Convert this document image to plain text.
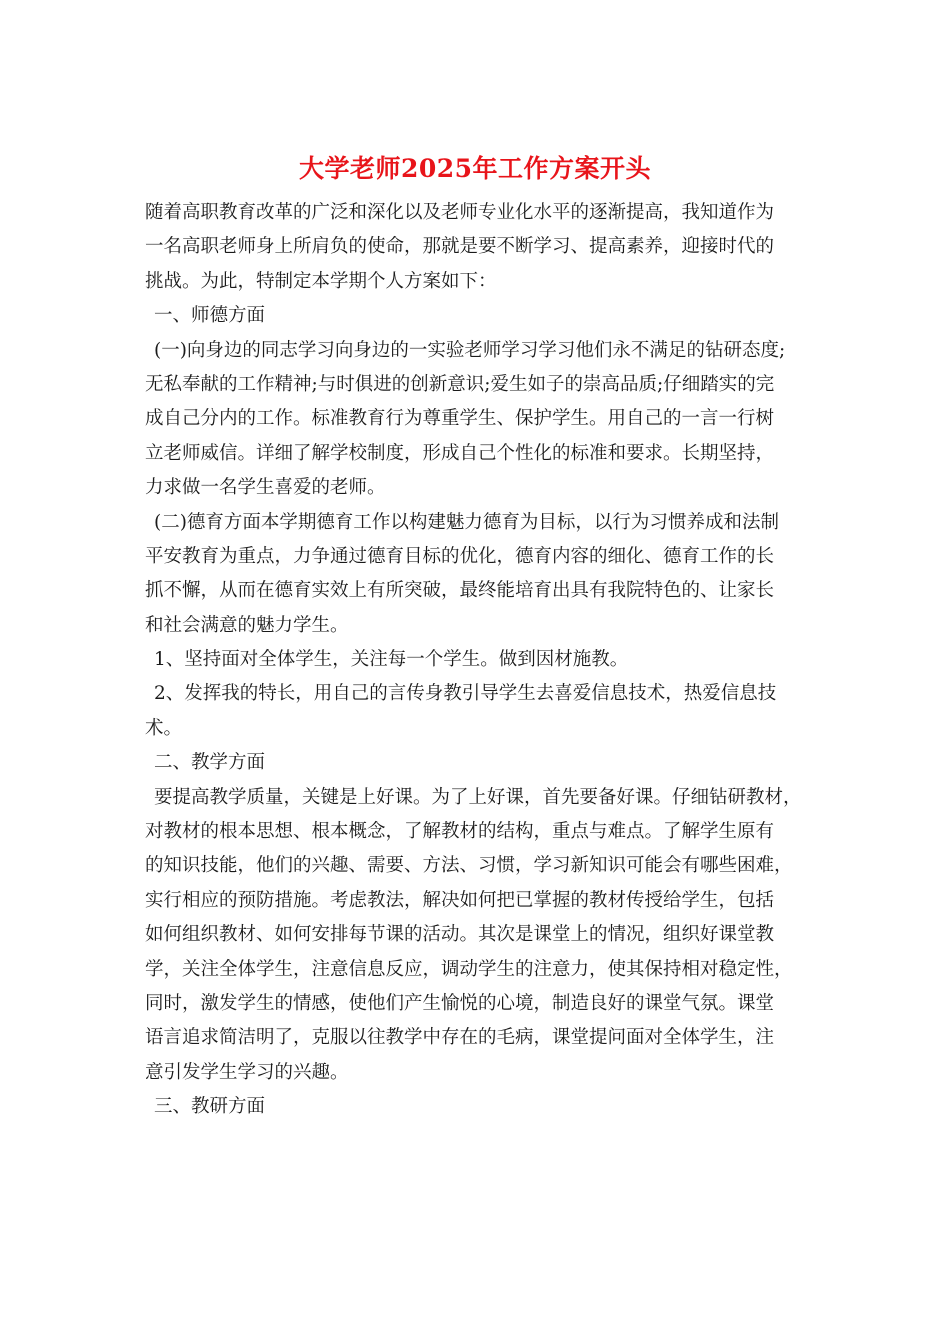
大学老师2025年工作方案开头
随着高职教育改革的广泛和深化以及老师专业化水平的逐渐提高，我知道作为
一名高职老师身上所肩负的使命，那就是要不断学习、提高素养，迎接时代的
挑战。为此，特制定本学期个人方案如下：
一、师德方面
(一)向身边的同志学习向身边的一实验老师学习学习他们永不满足的钻研态度;
无私奉献的工作精神;与时俱进的创新意识;爱生如子的崇高品质;仔细踏实的完
成自己分内的工作。标准教育行为尊重学生、保护学生。用自己的一言一行树
立老师威信。详细了解学校制度，形成自己个性化的标准和要求。长期坚持，
力求做一名学生喜爱的老师。
(二)德育方面本学期德育工作以构建魅力德育为目标，以行为习惯养成和法制
平安教育为重点，力争通过德育目标的优化，德育内容的细化、德育工作的长
抓不懈，从而在德育实效上有所突破，最终能培育出具有我院特色的、让家长
和社会满意的魅力学生。
1、坚持面对全体学生，关注每一个学生。做到因材施教。
2、发挥我的特长，用自己的言传身教引导学生去喜爱信息技术，热爱信息技
术。
二、教学方面
要提高教学质量，关键是上好课。为了上好课，首先要备好课。仔细钻研教材，
对教材的根本思想、根本概念，了解教材的结构，重点与难点。了解学生原有
的知识技能，他们的兴趣、需要、方法、习惯，学习新知识可能会有哪些困难，
实行相应的预防措施。考虑教法，解决如何把已掌握的教材传授给学生，包括
如何组织教材、如何安排每节课的活动。其次是课堂上的情况，组织好课堂教
学，关注全体学生，注意信息反应，调动学生的注意力，使其保持相对稳定性，
同时，激发学生的情感，使他们产生愉悦的心境，制造良好的课堂气氛。课堂
语言追求简洁明了，克服以往教学中存在的毛病，课堂提问面对全体学生，注
意引发学生学习的兴趣。
三、教研方面
